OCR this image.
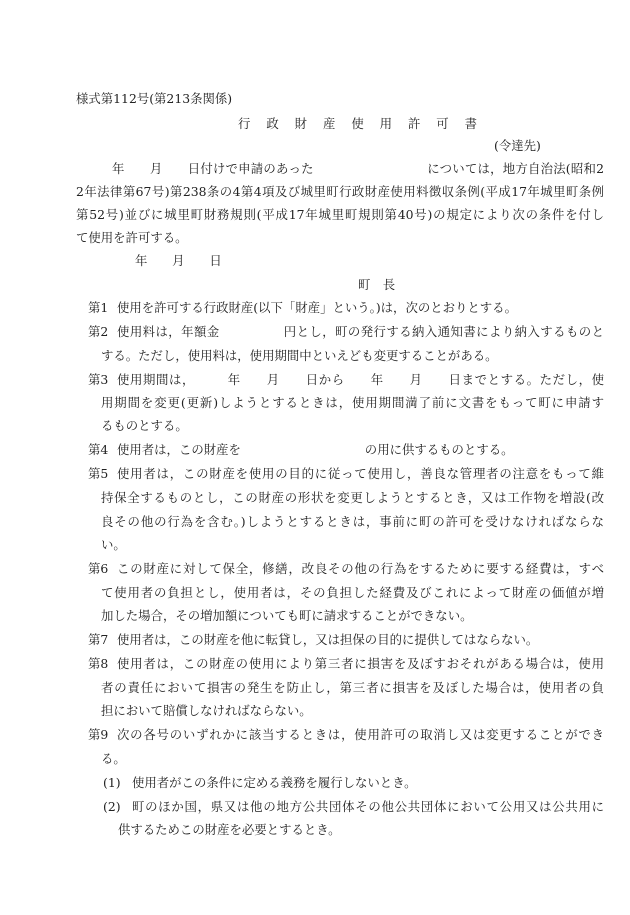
様式第112号(第213条関係)
行 政 財 産 使 用 許 可 書
(令達先)
年　　月　　日付けで申請のあった　　　　　　　　　については，地方自治法(昭和2
2年法律第67号)第238条の4第4項及び城里町行政財産使用料徴収条例(平成17年城里町条例
第52号)並びに城里町財務規則(平成17年城里町規則第40号)の規定により次の条件を付し
て使用を許可する。
年　　月　　日
町　長
第1 使用を許可する行政財産(以下「財産」という。)は，次のとおりとする。
第2 使用料は，年額金　　　　　円とし，町の発行する納入通知書により納入するものと
する。ただし，使用料は，使用期間中といえども変更することがある。
第3 使用期間は，　　　年　　月　　日から　　年　　月　　日までとする。ただし，使
用期間を変更(更新)しようとするときは，使用期間満了前に文書をもって町に申請す
るものとする。
第4 使用者は，この財産を　　　　　　　　　　の用に供するものとする。
第5 使用者は，この財産を使用の目的に従って使用し，善良な管理者の注意をもって維
持保全するものとし，この財産の形状を変更しようとするとき，又は工作物を増設(改
良その他の行為を含む。)しようとするときは，事前に町の許可を受けなければならな
い。
第6 この財産に対して保全，修繕，改良その他の行為をするために要する経費は，すべ
て使用者の負担とし，使用者は，その負担した経費及びこれによって財産の価値が増
加した場合，その増加額についても町に請求することができない。
第7 使用者は，この財産を他に転貸し，又は担保の目的に提供してはならない。
第8 使用者は，この財産の使用により第三者に損害を及ぼすおそれがある場合は，使用
者の責任において損害の発生を防止し，第三者に損害を及ぼした場合は，使用者の負
担において賠償しなければならない。
第9 次の各号のいずれかに該当するときは，使用許可の取消し又は変更することができ
る。
(1) 使用者がこの条件に定める義務を履行しないとき。
(2) 町のほか国，県又は他の地方公共団体その他公共団体において公用又は公共用に
供するためこの財産を必要とするとき。
